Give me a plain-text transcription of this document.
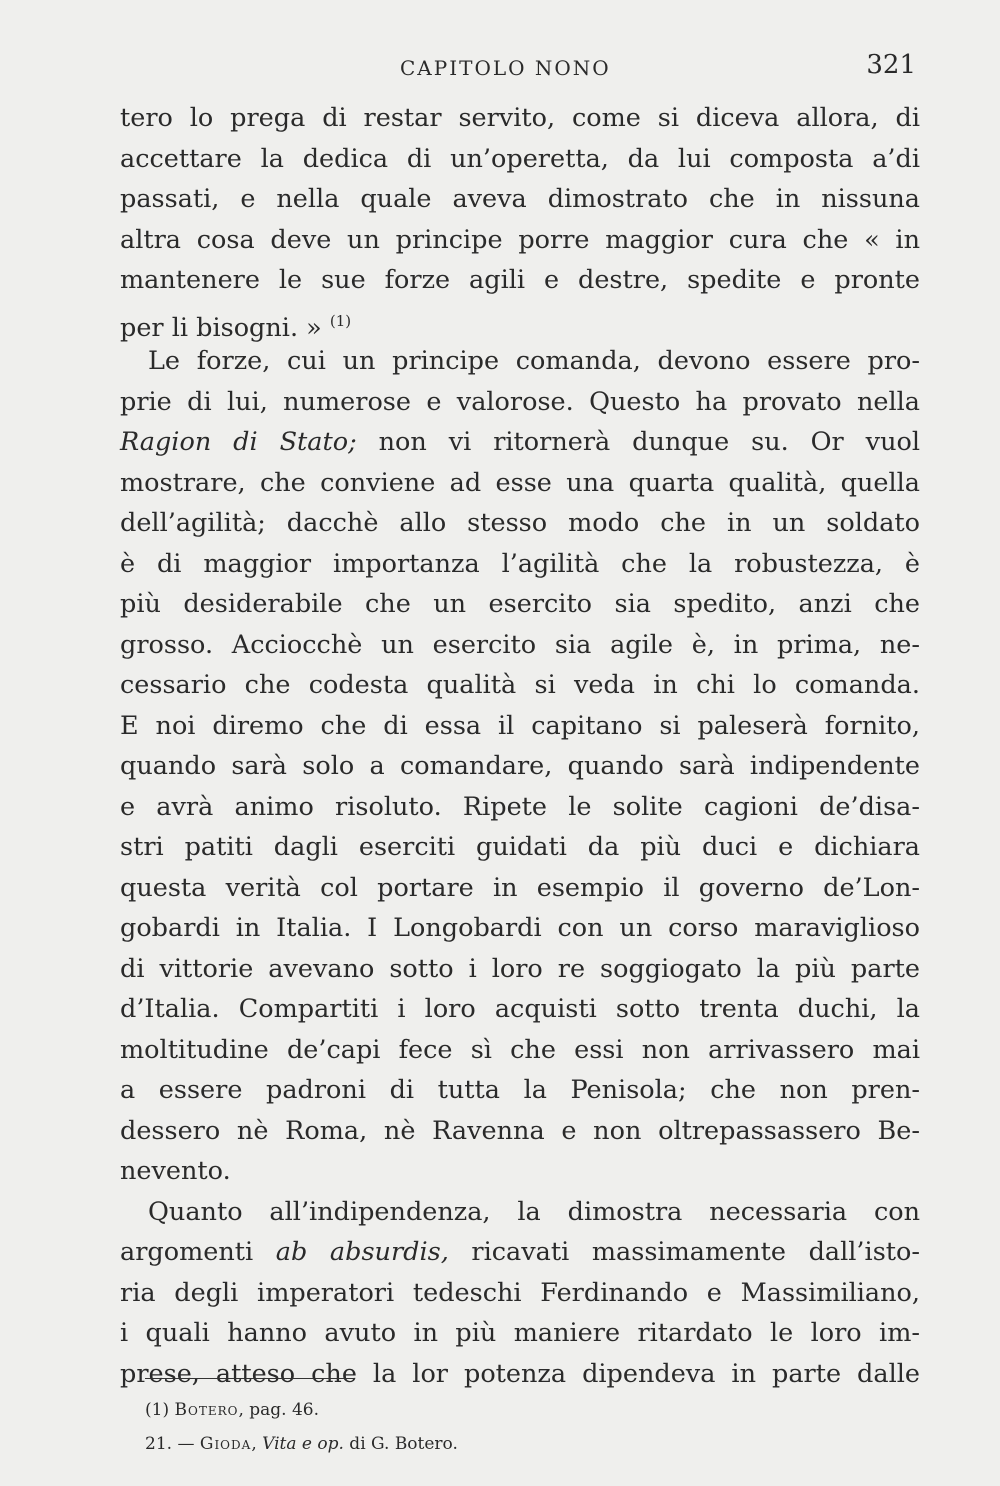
CAPITOLO NONO	321
tero lo prega di restar servito, come si diceva allora, di
accettare la dedica di un’operetta, da lui composta a’di
passati, e nella quale aveva dimostrato che in nissuna
altra cosa deve un principe porre maggior cura che « in
mantenere le sue forze agili e destre, spedite e pronte
per li bisogni. » $^{(1)}$
Le forze, cui un principe comanda, devono essere pro-
prie di lui, numerose e valorose. Questo ha provato nella
Ragion di Stato; non vi ritornerà dunque su. Or vuol
mostrare, che conviene ad esse una quarta qualità, quella
dell’agilità; dacchè allo stesso modo che in un soldato
è di maggior importanza l’agilità che la robustezza, è
più desiderabile che un esercito sia spedito, anzi che
grosso. Acciocchè un esercito sia agile è, in prima, ne-
cessario che codesta qualità si veda in chi lo comanda.
E noi diremo che di essa il capitano si paleserà fornito,
quando sarà solo a comandare, quando sarà indipendente
e avrà animo risoluto. Ripete le solite cagioni de’disa-
stri patiti dagli eserciti guidati da più duci e dichiara
questa verità col portare in esempio il governo de’Lon-
gobardi in Italia. I Longobardi con un corso maraviglioso
di vittorie avevano sotto i loro re soggiogato la più parte
d’Italia. Compartiti i loro acquisti sotto trenta duchi, la
moltitudine de’capi fece sì che essi non arrivassero mai
a essere padroni di tutta la Penisola; che non pren-
dessero nè Roma, nè Ravenna e non oltrepassassero Be-
nevento.
Quanto all’indipendenza, la dimostra necessaria con
argomenti ab absurdis, ricavati massimamente dall’isto-
ria degli imperatori tedeschi Ferdinando e Massimiliano,
i quali hanno avuto in più maniere ritardato le loro im-
prese, atteso che la lor potenza dipendeva in parte dalle
(1) Botero, pag. 46.
21. — Gioda, Vita e op. di G. Botero.
